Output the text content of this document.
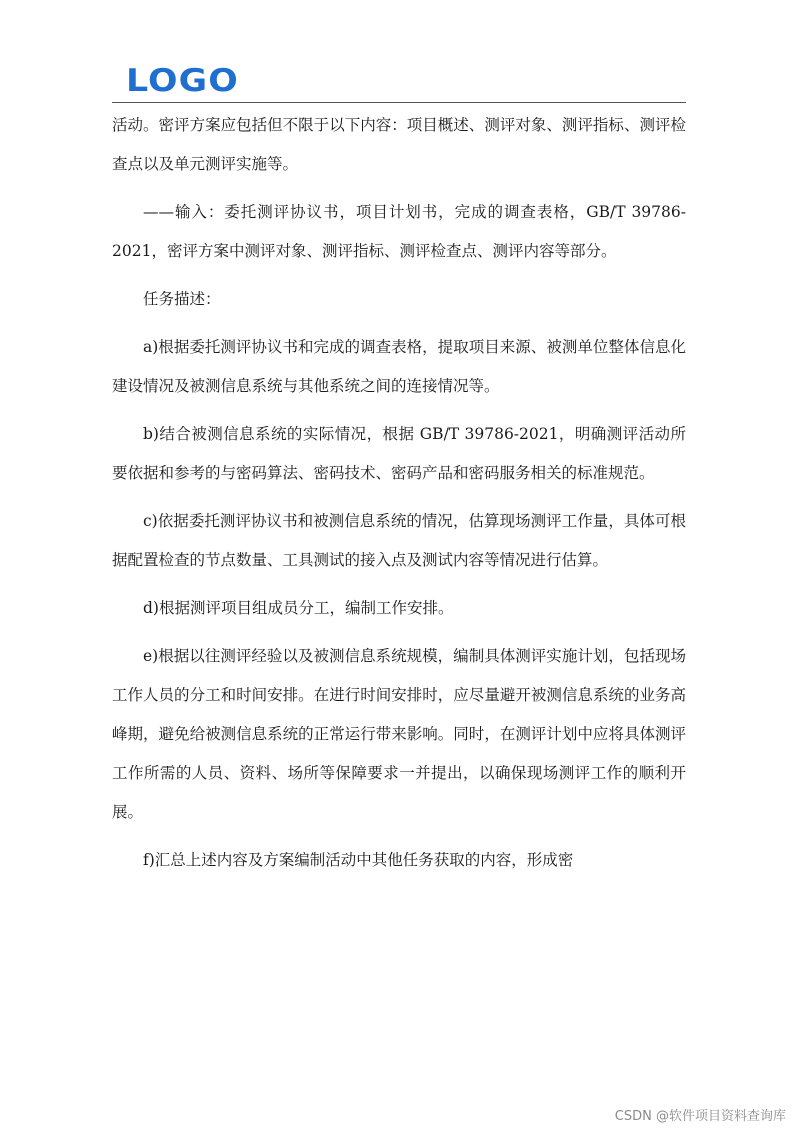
LOGO

活动。密评方案应包括但不限于以下内容：项目概述、测评对象、测评指标、测评检查点以及单元测评实施等。

——输入：委托测评协议书，项目计划书，完成的调查表格，GB/T 39786-2021，密评方案中测评对象、测评指标、测评检查点、测评内容等部分。

任务描述：

a)根据委托测评协议书和完成的调查表格，提取项目来源、被测单位整体信息化建设情况及被测信息系统与其他系统之间的连接情况等。

b)结合被测信息系统的实际情况，根据 GB/T 39786-2021，明确测评活动所要依据和参考的与密码算法、密码技术、密码产品和密码服务相关的标准规范。

c)依据委托测评协议书和被测信息系统的情况，估算现场测评工作量，具体可根据配置检查的节点数量、工具测试的接入点及测试内容等情况进行估算。

d)根据测评项目组成员分工，编制工作安排。

e)根据以往测评经验以及被测信息系统规模，编制具体测评实施计划，包括现场工作人员的分工和时间安排。在进行时间安排时，应尽量避开被测信息系统的业务高峰期，避免给被测信息系统的正常运行带来影响。同时，在测评计划中应将具体测评工作所需的人员、资料、场所等保障要求一并提出，以确保现场测评工作的顺利开展。

f)汇总上述内容及方案编制活动中其他任务获取的内容，形成密

CSDN @软件项目资料查询库
